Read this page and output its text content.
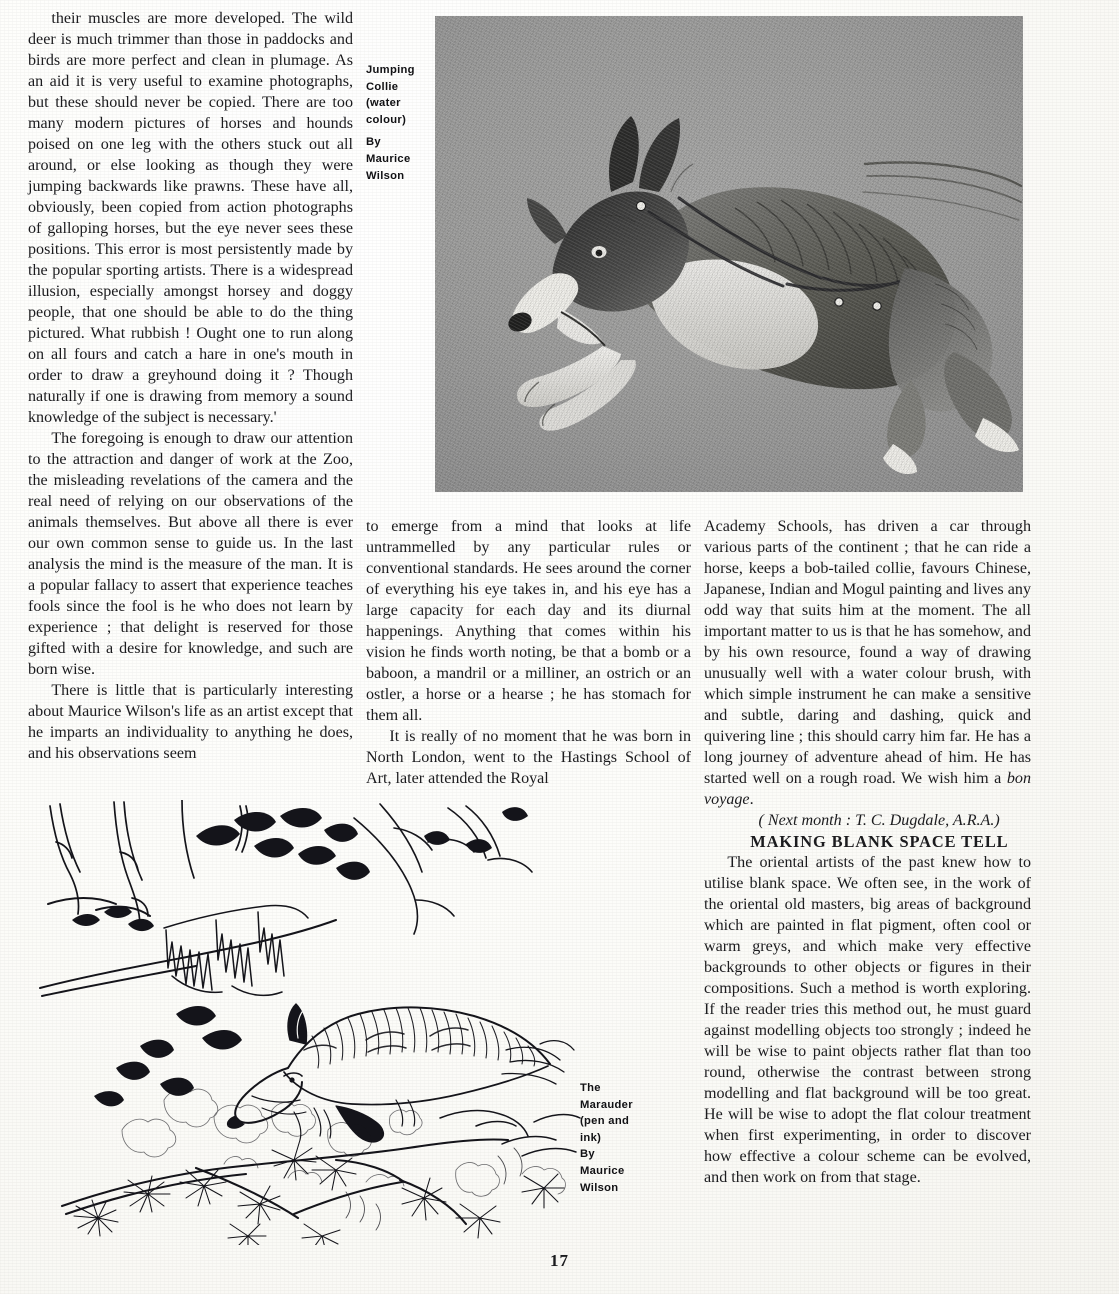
their muscles are more developed. The wild deer is much trimmer than those in paddocks and birds are more perfect and clean in plumage. As an aid it is very useful to examine photographs, but these should never be copied. There are too many modern pictures of horses and hounds poised on one leg with the others stuck out all around, or else looking as though they were jumping backwards like prawns. These have all, obviously, been copied from action photographs of galloping horses, but the eye never sees these positions. This error is most persistently made by the popular sporting artists. There is a widespread illusion, especially amongst horsey and doggy people, that one should be able to do the thing pictured. What rubbish ! Ought one to run along on all fours and catch a hare in one's mouth in order to draw a greyhound doing it ? Though naturally if one is drawing from memory a sound knowledge of the subject is necessary.'

The foregoing is enough to draw our attention to the attraction and danger of work at the Zoo, the misleading revelations of the camera and the real need of relying on our observations of the animals themselves. But above all there is ever our own common sense to guide us. In the last analysis the mind is the measure of the man. It is a popular fallacy to assert that experience teaches fools since the fool is he who does not learn by experience ; that delight is reserved for those gifted with a desire for knowledge, and such are born wise.

There is little that is particularly interesting about Maurice Wilson's life as an artist except that he imparts an individuality to anything he does, and his observations seem

Jumping
Collie
(water
colour)
By
Maurice
Wilson

to emerge from a mind that looks at life untrammelled by any particular rules or conventional standards. He sees around the corner of everything his eye takes in, and his eye has a large capacity for each day and its diurnal happenings. Anything that comes within his vision he finds worth noting, be that a bomb or a baboon, a mandril or a milliner, an ostrich or an ostler, a horse or a hearse ; he has stomach for them all.

It is really of no moment that he was born in North London, went to the Hastings School of Art, later attended the Royal

Academy Schools, has driven a car through various parts of the continent ; that he can ride a horse, keeps a bob-tailed collie, favours Chinese, Japanese, Indian and Mogul painting and lives any odd way that suits him at the moment. The all important matter to us is that he has somehow, and by his own resource, found a way of drawing unusually well with a water colour brush, with which simple instrument he can make a sensitive and subtle, daring and dashing, quick and quivering line ; this should carry him far. He has a long journey of adventure ahead of him. He has started well on a rough road. We wish him a bon voyage.

( Next month : T. C. Dugdale, A.R.A.)

MAKING BLANK SPACE TELL

The oriental artists of the past knew how to utilise blank space. We often see, in the work of the oriental old masters, big areas of background which are painted in flat pigment, often cool or warm greys, and which make very effective backgrounds to other objects or figures in their compositions. Such a method is worth exploring. If the reader tries this method out, he must guard against modelling objects too strongly ; indeed he will be wise to paint objects rather flat than too round, otherwise the contrast between strong modelling and flat background will be too great. He will be wise to adopt the flat colour treatment when first experimenting, in order to discover how effective a colour scheme can be evolved, and then work on from that stage.

The
Marauder
(pen and
ink)
By
Maurice
Wilson
17
